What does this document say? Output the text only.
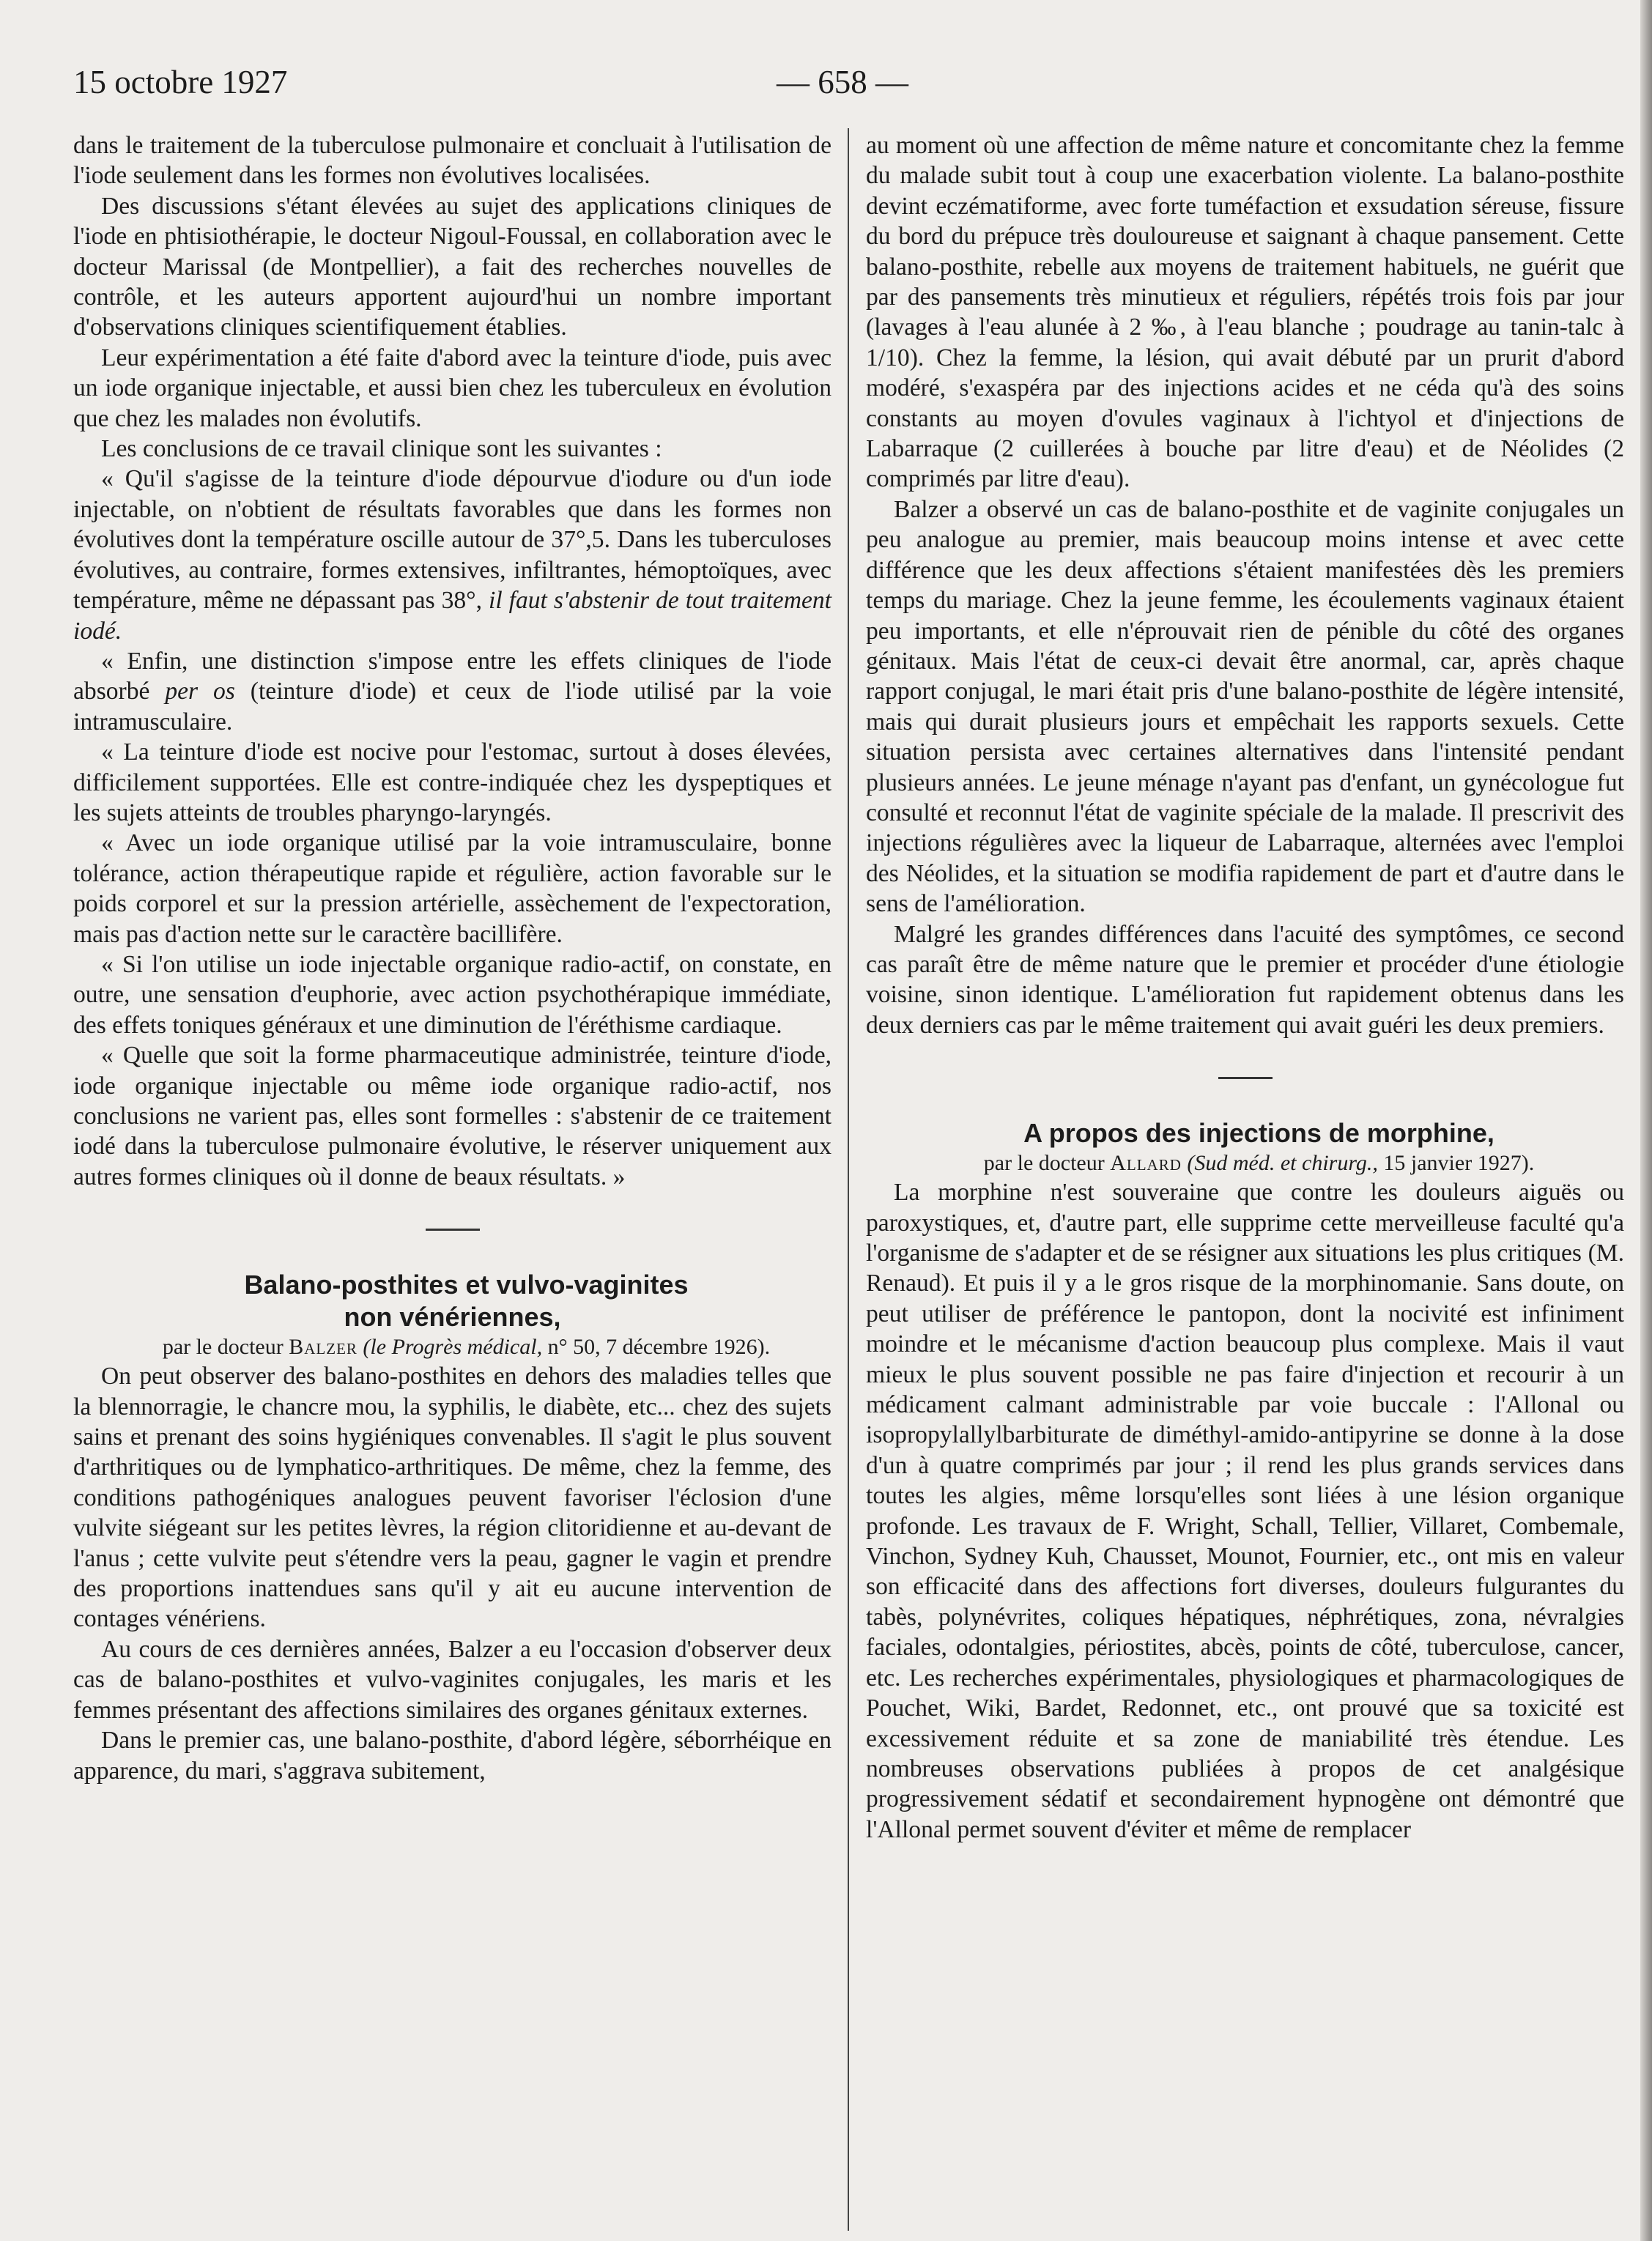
15 octobre 1927	— 658 —

dans le traitement de la tuberculose pulmonaire et concluait à l'utilisation de l'iode seulement dans les formes non évolutives localisées.

Des discussions s'étant élevées au sujet des applications cliniques de l'iode en phtisiothérapie, le docteur Nigoul-Foussal, en collaboration avec le docteur Marissal (de Montpellier), a fait des recherches nouvelles de contrôle, et les auteurs apportent aujourd'hui un nombre important d'observations cliniques scientifiquement établies.

Leur expérimentation a été faite d'abord avec la teinture d'iode, puis avec un iode organique injectable, et aussi bien chez les tuberculeux en évolution que chez les malades non évolutifs.

Les conclusions de ce travail clinique sont les suivantes :

« Qu'il s'agisse de la teinture d'iode dépourvue d'iodure ou d'un iode injectable, on n'obtient de résultats favorables que dans les formes non évolutives dont la température oscille autour de 37°,5. Dans les tuberculoses évolutives, au contraire, formes extensives, infiltrantes, hémoptoïques, avec température, même ne dépassant pas 38°, il faut s'abstenir de tout traitement iodé.

« Enfin, une distinction s'impose entre les effets cliniques de l'iode absorbé per os (teinture d'iode) et ceux de l'iode utilisé par la voie intramusculaire.

« La teinture d'iode est nocive pour l'estomac, surtout à doses élevées, difficilement supportées. Elle est contre-indiquée chez les dyspeptiques et les sujets atteints de troubles pharyngo-laryngés.

« Avec un iode organique utilisé par la voie intramusculaire, bonne tolérance, action thérapeutique rapide et régulière, action favorable sur le poids corporel et sur la pression artérielle, assèchement de l'expectoration, mais pas d'action nette sur le caractère bacillifère.

« Si l'on utilise un iode injectable organique radio-actif, on constate, en outre, une sensation d'euphorie, avec action psychothérapique immédiate, des effets toniques généraux et une diminution de l'éréthisme cardiaque.

« Quelle que soit la forme pharmaceutique administrée, teinture d'iode, iode organique injectable ou même iode organique radio-actif, nos conclusions ne varient pas, elles sont formelles : s'abstenir de ce traitement iodé dans la tuberculose pulmonaire évolutive, le réserver uniquement aux autres formes cliniques où il donne de beaux résultats. »

Balano-posthites et vulvo-vaginites
non vénériennes,

par le docteur Balzer (le Progrès médical, n° 50, 7 décembre 1926).

On peut observer des balano-posthites en dehors des maladies telles que la blennorragie, le chancre mou, la syphilis, le diabète, etc... chez des sujets sains et prenant des soins hygiéniques convenables. Il s'agit le plus souvent d'arthritiques ou de lymphatico-arthritiques. De même, chez la femme, des conditions pathogéniques analogues peuvent favoriser l'éclosion d'une vulvite siégeant sur les petites lèvres, la région clitoridienne et au-devant de l'anus ; cette vulvite peut s'étendre vers la peau, gagner le vagin et prendre des proportions inattendues sans qu'il y ait eu aucune intervention de contages vénériens.

Au cours de ces dernières années, Balzer a eu l'occasion d'observer deux cas de balano-posthites et vulvo-vaginites conjugales, les maris et les femmes présentant des affections similaires des organes génitaux externes.

Dans le premier cas, une balano-posthite, d'abord légère, séborrhéique en apparence, du mari, s'aggrava subitement,

au moment où une affection de même nature et concomitante chez la femme du malade subit tout à coup une exacerbation violente. La balano-posthite devint eczématiforme, avec forte tuméfaction et exsudation séreuse, fissure du bord du prépuce très douloureuse et saignant à chaque pansement. Cette balano-posthite, rebelle aux moyens de traitement habituels, ne guérit que par des pansements très minutieux et réguliers, répétés trois fois par jour (lavages à l'eau alunée à 2 ‰, à l'eau blanche ; poudrage au tanin-talc à 1/10). Chez la femme, la lésion, qui avait débuté par un prurit d'abord modéré, s'exaspéra par des injections acides et ne céda qu'à des soins constants au moyen d'ovules vaginaux à l'ichtyol et d'injections de Labarraque (2 cuillerées à bouche par litre d'eau) et de Néolides (2 comprimés par litre d'eau).

Balzer a observé un cas de balano-posthite et de vaginite conjugales un peu analogue au premier, mais beaucoup moins intense et avec cette différence que les deux affections s'étaient manifestées dès les premiers temps du mariage. Chez la jeune femme, les écoulements vaginaux étaient peu importants, et elle n'éprouvait rien de pénible du côté des organes génitaux. Mais l'état de ceux-ci devait être anormal, car, après chaque rapport conjugal, le mari était pris d'une balano-posthite de légère intensité, mais qui durait plusieurs jours et empêchait les rapports sexuels. Cette situation persista avec certaines alternatives dans l'intensité pendant plusieurs années. Le jeune ménage n'ayant pas d'enfant, un gynécologue fut consulté et reconnut l'état de vaginite spéciale de la malade. Il prescrivit des injections régulières avec la liqueur de Labarraque, alternées avec l'emploi des Néolides, et la situation se modifia rapidement de part et d'autre dans le sens de l'amélioration.

Malgré les grandes différences dans l'acuité des symptômes, ce second cas paraît être de même nature que le premier et procéder d'une étiologie voisine, sinon identique. L'amélioration fut rapidement obtenus dans les deux derniers cas par le même traitement qui avait guéri les deux premiers.

A propos des injections de morphine,

par le docteur Allard (Sud méd. et chirurg., 15 janvier 1927).

La morphine n'est souveraine que contre les douleurs aiguës ou paroxystiques, et, d'autre part, elle supprime cette merveilleuse faculté qu'a l'organisme de s'adapter et de se résigner aux situations les plus critiques (M. Renaud). Et puis il y a le gros risque de la morphinomanie. Sans doute, on peut utiliser de préférence le pantopon, dont la nocivité est infiniment moindre et le mécanisme d'action beaucoup plus complexe. Mais il vaut mieux le plus souvent possible ne pas faire d'injection et recourir à un médicament calmant administrable par voie buccale : l'Allonal ou isopropylallylbarbiturate de diméthyl-amido-antipyrine se donne à la dose d'un à quatre comprimés par jour ; il rend les plus grands services dans toutes les algies, même lorsqu'elles sont liées à une lésion organique profonde. Les travaux de F. Wright, Schall, Tellier, Villaret, Combemale, Vinchon, Sydney Kuh, Chausset, Mounot, Fournier, etc., ont mis en valeur son efficacité dans des affections fort diverses, douleurs fulgurantes du tabès, polynévrites, coliques hépatiques, néphrétiques, zona, névralgies faciales, odontalgies, périostites, abcès, points de côté, tuberculose, cancer, etc. Les recherches expérimentales, physiologiques et pharmacologiques de Pouchet, Wiki, Bardet, Redonnet, etc., ont prouvé que sa toxicité est excessivement réduite et sa zone de maniabilité très étendue. Les nombreuses observations publiées à propos de cet analgésique progressivement sédatif et secondairement hypnogène ont démontré que l'Allonal permet souvent d'éviter et même de remplacer
